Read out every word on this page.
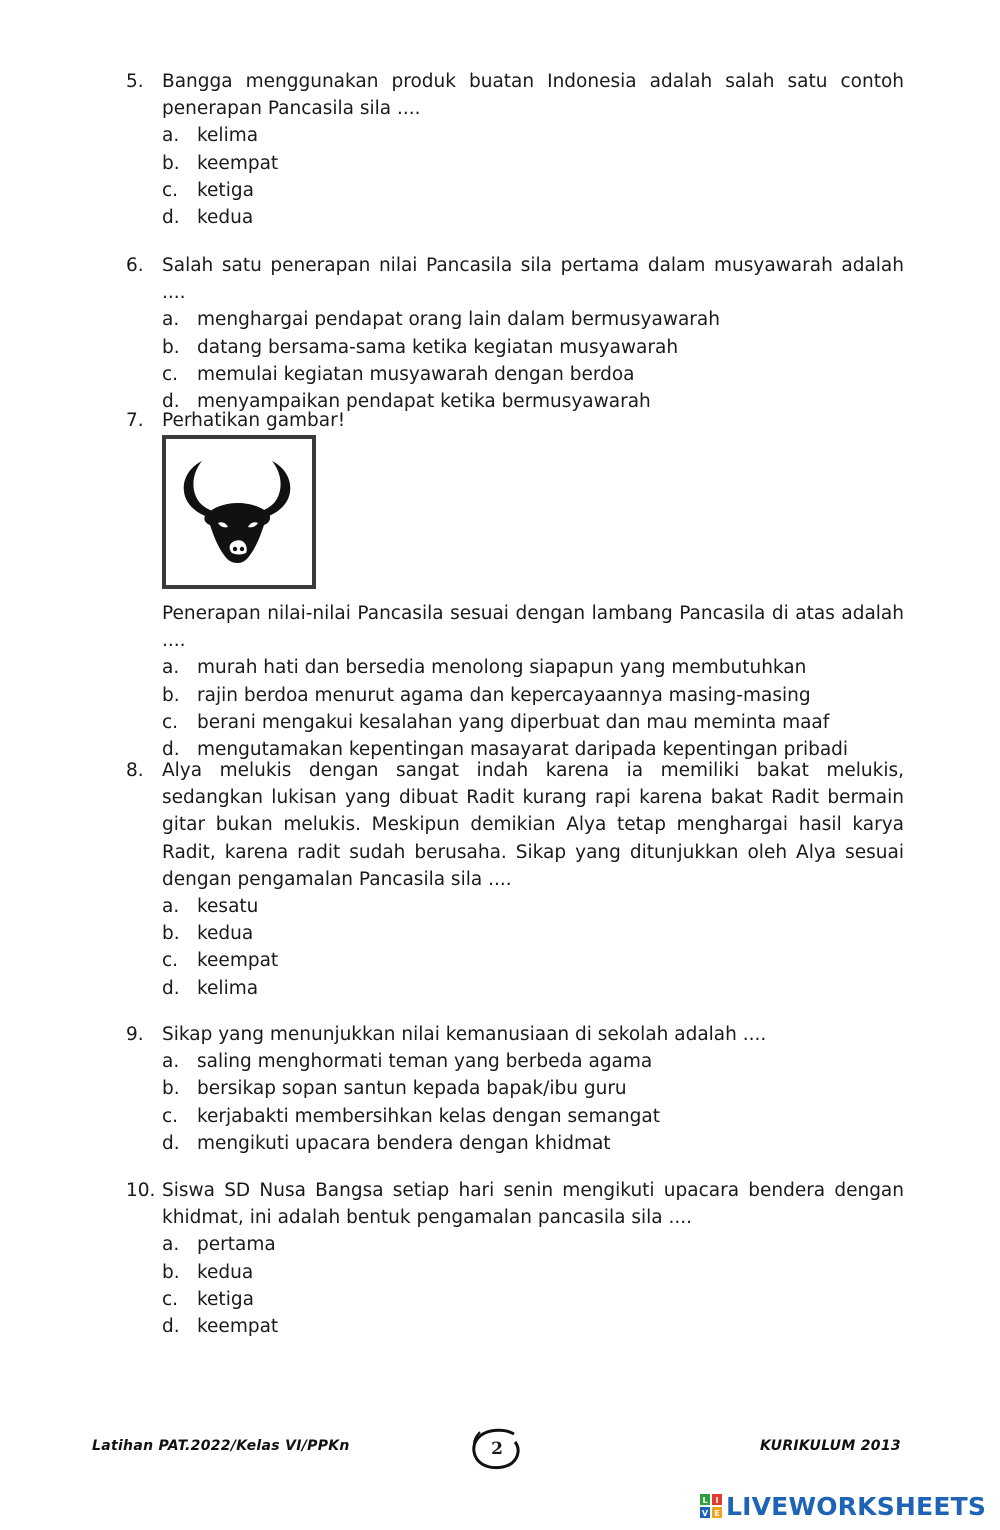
5. Bangga menggunakan produk buatan Indonesia adalah salah satu contoh penerapan Pancasila sila ....
a. kelima
b. keempat
c.	ketiga
d. kedua
6. Salah satu penerapan nilai Pancasila sila pertama dalam musyawarah adalah ....
a. menghargai pendapat orang lain dalam bermusyawarah
b. datang bersama-sama ketika kegiatan musyawarah
c.	memulai kegiatan musyawarah dengan berdoa
d. menyampaikan pendapat ketika bermusyawarah
7. Perhatikan gambar!
Penerapan nilai-nilai Pancasila sesuai dengan lambang Pancasila di atas adalah ....
a. murah hati dan bersedia menolong siapapun yang membutuhkan
b. rajin berdoa menurut agama dan kepercayaannya masing-masing
c.	berani mengakui kesalahan yang diperbuat dan mau meminta maaf
d. mengutamakan kepentingan masayarat daripada kepentingan pribadi
8. Alya melukis dengan sangat indah karena ia memiliki bakat melukis, sedangkan lukisan yang dibuat Radit kurang rapi karena bakat Radit bermain gitar bukan melukis. Meskipun demikian Alya tetap menghargai hasil karya Radit, karena radit sudah berusaha. Sikap yang ditunjukkan oleh Alya sesuai dengan pengamalan Pancasila sila ....
a. kesatu
b. kedua
c.	keempat
d. kelima
9. Sikap yang menunjukkan nilai kemanusiaan di sekolah adalah ....
a. saling menghormati teman yang berbeda agama
b. bersikap sopan santun kepada bapak/ibu guru
c.	kerjabakti membersihkan kelas dengan semangat
d. mengikuti upacara bendera dengan khidmat
10. Siswa SD Nusa Bangsa setiap hari senin mengikuti upacara bendera dengan khidmat, ini adalah bentuk pengamalan pancasila sila ....
a. pertama
b. kedua
c.	ketiga
d. keempat
Latihan PAT.2022/Kelas VI/PPKn	2	KURIKULUM 2013
L I
V E LIVEWORKSHEETS
